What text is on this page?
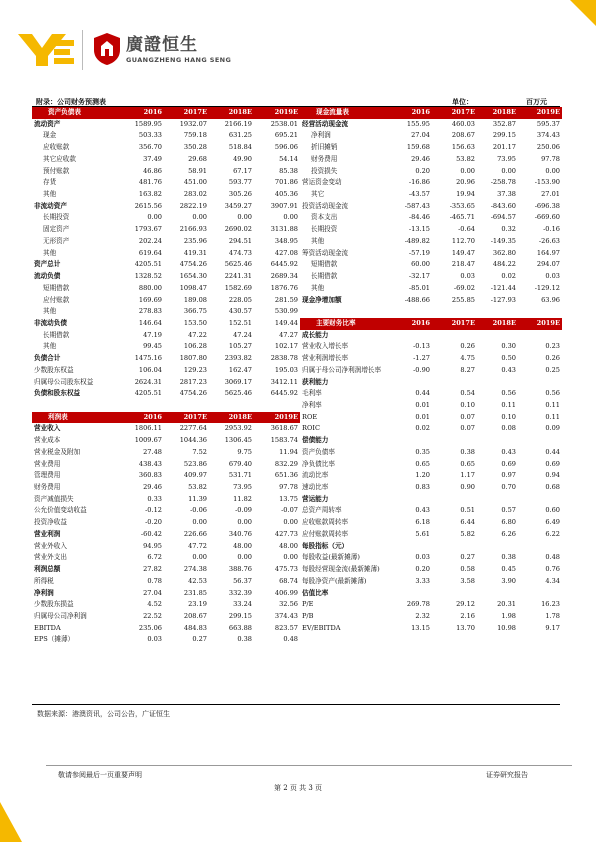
廣證恒生
GUANGZHENG HANG SENG
附录：公司财务预测表	单位：	百万元
资产负债表	2016	2017E	2018E	2019E	现金流量表	2016	2017E	2018E	2019E
流动资产	1589.95	1932.07	2166.19	2538.01 经营活动现金流	155.95	460.03	352.87	595.37
现金	503.33	759.18	631.25	695.21 净利润	27.04	208.67	299.15	374.43
应收账款	356.70	350.28	518.84	596.06 折旧摊销	159.68	156.63	201.17	250.06
其它应收款	37.49	29.68	49.90	54.14 财务费用	29.46	53.82	73.95	97.78
预付账款	46.86	58.91	67.17	85.38 投资损失	0.20	0.00	0.00	0.00
存货	481.76	451.00	593.77	701.86 营运资金变动	-16.86	20.96	-258.78	-153.90
其他	163.82	283.02	305.26	405.36 其它	-43.57	19.94	37.38	27.01
非流动资产	2615.56	2822.19	3459.27	3907.91 投资活动现金流	-587.43	-353.65	-843.60	-696.38
长期投资	0.00	0.00	0.00	0.00 资本支出	-84.46	-465.71	-694.57	-669.60
固定资产	1793.67	2166.93	2690.02	3131.88 长期投资	-13.15	-0.64	0.32	-0.16
无形资产	202.24	235.96	294.51	348.95 其他	-489.82	112.70	-149.35	-26.63
其他	619.64	419.31	474.73	427.08 筹资活动现金流	-57.19	149.47	362.80	164.97
资产总计	4205.51	4754.26	5625.46	6445.92 短期借款	60.00	218.47	484.22	294.07
流动负债	1328.52	1654.30	2241.31	2689.34 长期借款	-32.17	0.03	0.02	0.03
短期借款	880.00	1098.47	1582.69	1876.76 其他	-85.01	-69.02	-121.44	-129.12
应付账款	169.69	189.08	228.05	281.59 现金净增加额	-488.66	255.85	-127.93	63.96
其他	278.83	366.75	430.57	530.99
非流动负债	146.64	153.50	152.51	149.44	主要财务比率	2016	2017E	2018E	2019E
长期借款	47.19	47.22	47.24	47.27 成长能力
其他	99.45	106.28	105.27	102.17 营业收入增长率	-0.13	0.26	0.30	0.23
负债合计	1475.16	1807.80	2393.82	2838.78 营业利润增长率	-1.27	4.75	0.50	0.26
少数股东权益	106.04	129.23	162.47	195.03 归属于母公司净利润增长率	-0.90	8.27	0.43	0.25
归属母公司股东权益	2624.31	2817.23	3069.17	3412.11 获利能力
负债和股东权益	4205.51	4754.26	5625.46	6445.92 毛利率	0.44	0.54	0.56	0.56
净利率	0.01	0.10	0.11	0.11
利润表	2016	2017E	2018E	2019E ROE	0.01	0.07	0.10	0.11
营业收入	1806.11	2277.64	2953.92	3618.67 ROIC	0.02	0.07	0.08	0.09
营业成本	1009.67	1044.36	1306.45	1583.74 偿债能力
营业税金及附加	27.48	7.52	9.75	11.94 资产负债率	0.35	0.38	0.43	0.44
营业费用	438.43	523.86	679.40	832.29 净负债比率	0.65	0.65	0.69	0.69
管理费用	360.83	409.97	531.71	651.36 流动比率	1.20	1.17	0.97	0.94
财务费用	29.46	53.82	73.95	97.78 速动比率	0.83	0.90	0.70	0.68
资产减值损失	0.33	11.39	11.82	13.75 营运能力
公允价值变动收益	-0.12	-0.06	-0.09	-0.07 总资产周转率	0.43	0.51	0.57	0.60
投资净收益	-0.20	0.00	0.00	0.00 应收账款周转率	6.18	6.44	6.80	6.49
营业利润	-60.42	226.66	340.76	427.73 应付账款周转率	5.61	5.82	6.26	6.22
营业外收入	94.95	47.72	48.00	48.00 每股指标（元）
营业外支出	6.72	0.00	0.00	0.00 每股收益(最新摊薄)	0.03	0.27	0.38	0.48
利润总额	27.82	274.38	388.76	475.73 每股经营现金流(最新摊薄)	0.20	0.58	0.45	0.76
所得税	0.78	42.53	56.37	68.74 每股净资产(最新摊薄)	3.33	3.58	3.90	4.34
净利润	27.04	231.85	332.39	406.99 估值比率
少数股东损益	4.52	23.19	33.24	32.56 P/E	269.78	29.12	20.31	16.23
归属母公司净利润	22.52	208.67	299.15	374.43 P/B	2.32	2.16	1.98	1.78
EBITDA	235.06	484.83	663.88	823.57 EV/EBITDA	13.15	13.70	10.98	9.17
EPS（摊薄）	0.03	0.27	0.38	0.48
数据来源：港澳资讯，公司公告，广证恒生
敬请参阅最后一页重要声明	证券研究报告
第 2 页 共 3 页
